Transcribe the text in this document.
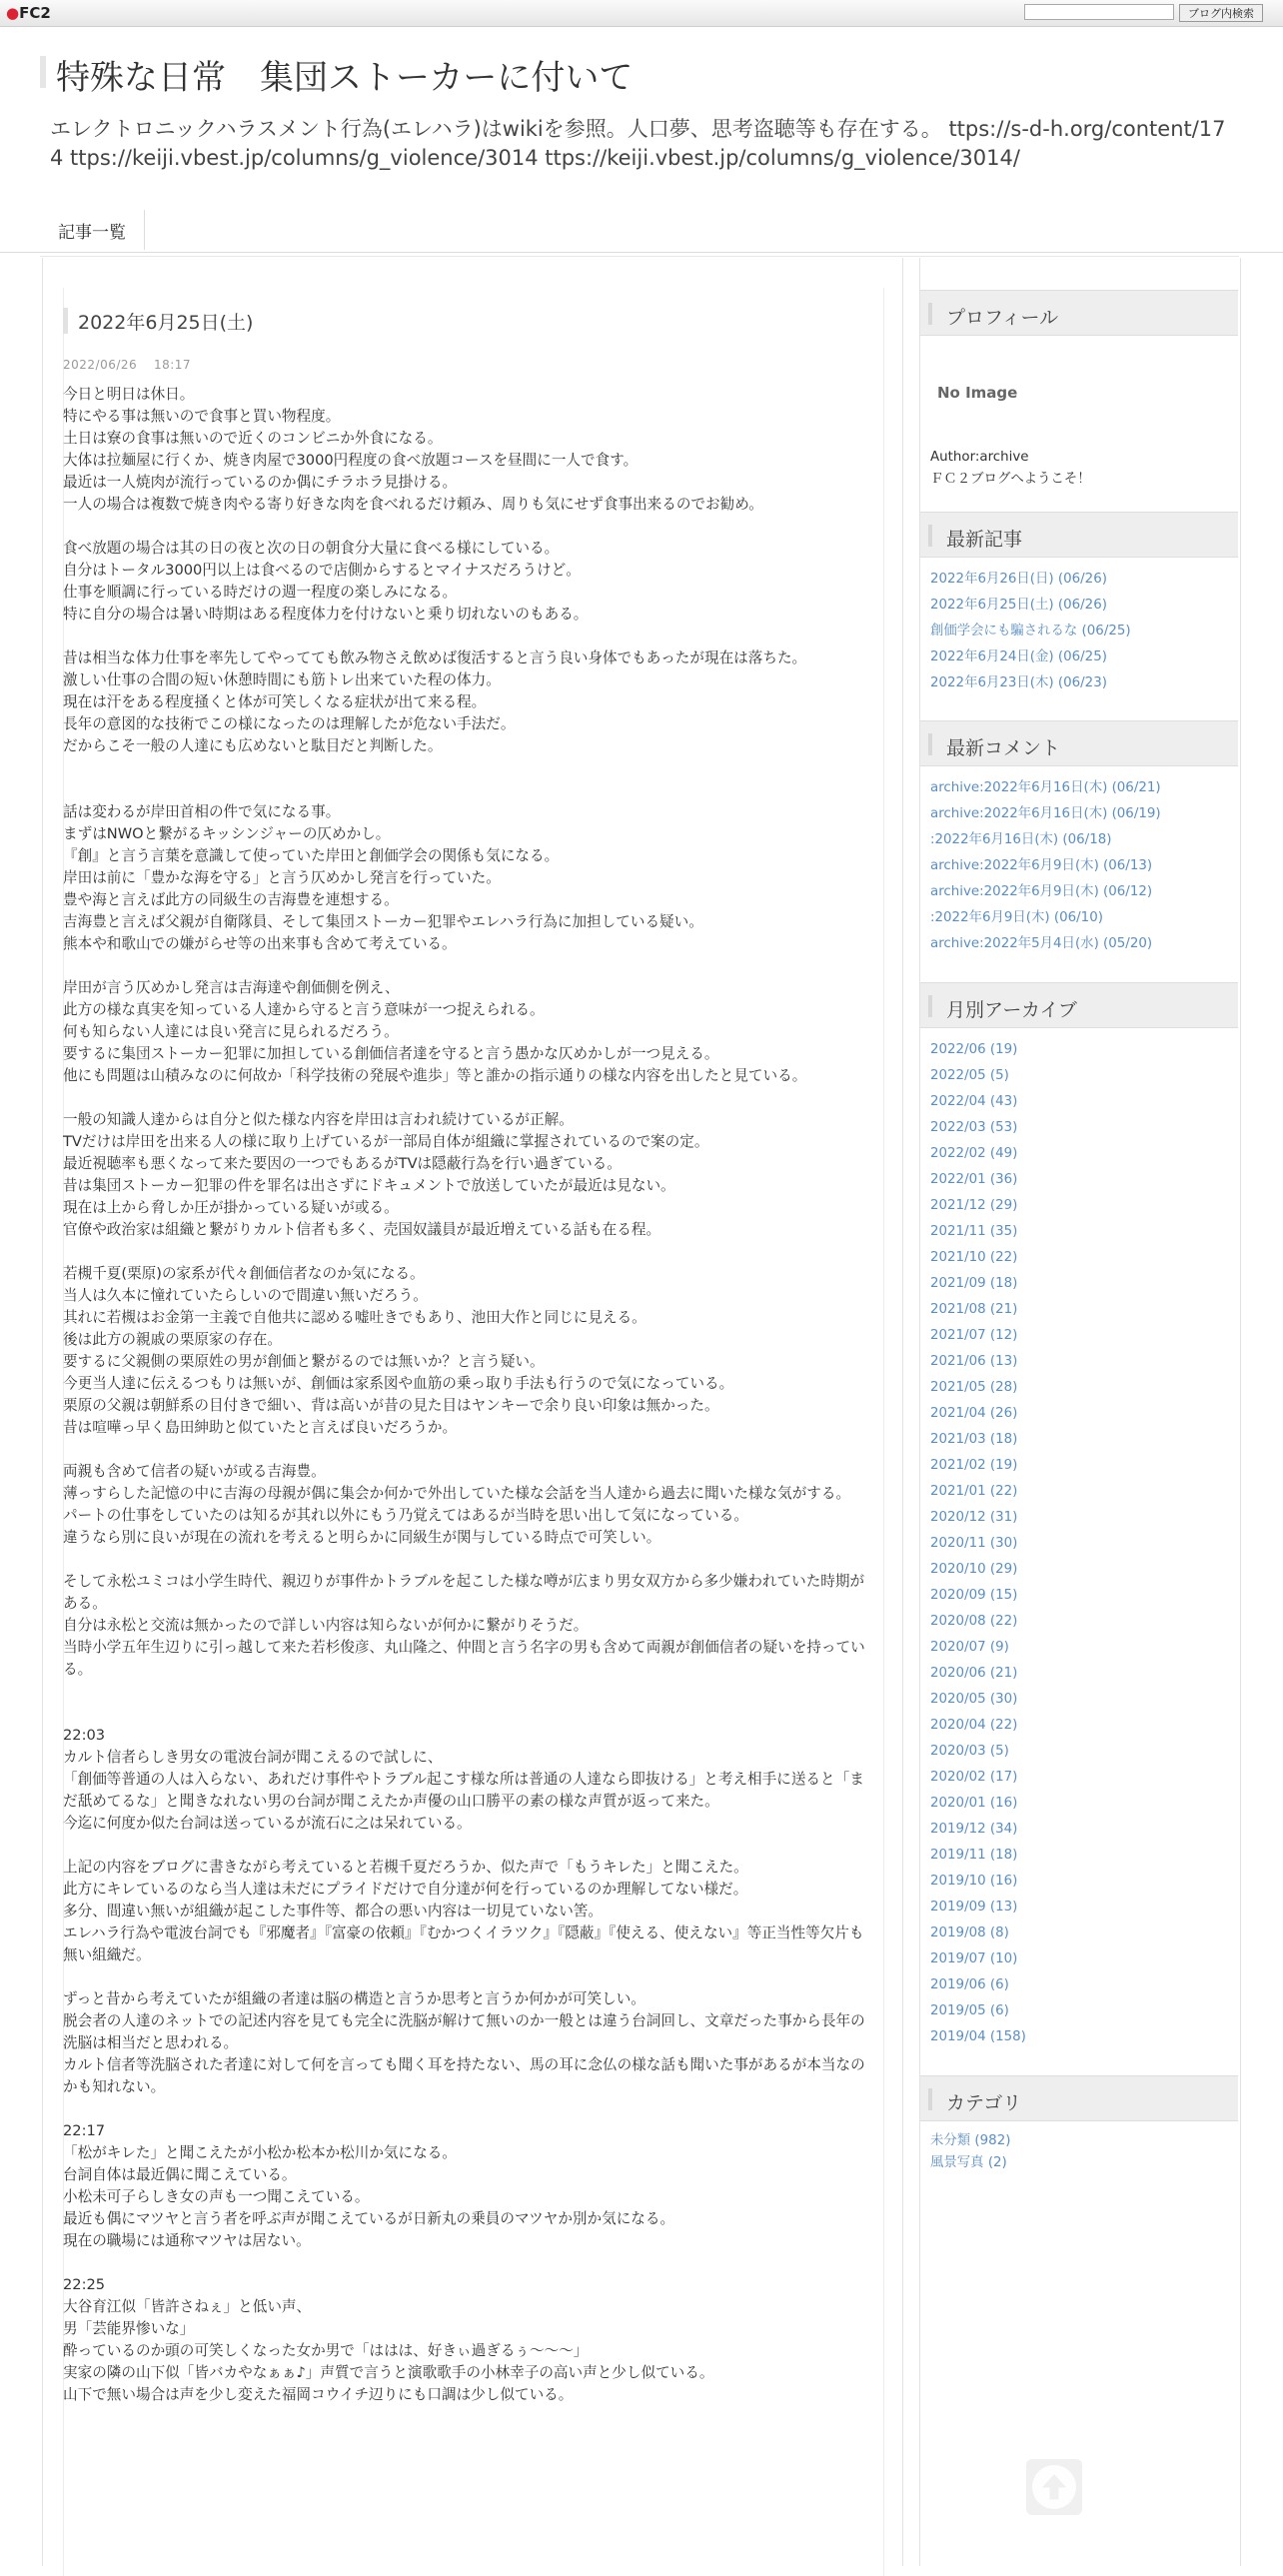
●FC2	ブログ内検索
特殊な日常　集団ストーカーに付いて
エレクトロニックハラスメント行為(エレハラ)はwikiを参照。人口夢、思考盗聴等も存在する。 ttps://s-d-h.org/content/174 ttps://keiji.vbest.jp/columns/g_violence/3014 ttps://keiji.vbest.jp/columns/g_violence/3014/
記事一覧
2022年6月25日(土)
2022/06/26　 18:17

今日と明日は休日。

特にやる事は無いので食事と買い物程度。

土日は寮の食事は無いので近くのコンビニか外食になる。

大体は拉麺屋に行くか、焼き肉屋で3000円程度の食べ放題コースを昼間に一人で食す。

最近は一人焼肉が流行っているのか偶にチラホラ見掛ける。

一人の場合は複数で焼き肉やる寄り好きな肉を食べれるだけ頼み、周りも気にせず食事出来るのでお勧め。

食べ放題の場合は其の日の夜と次の日の朝食分大量に食べる様にしている。

自分はトータル3000円以上は食べるので店側からするとマイナスだろうけど。

仕事を順調に行っている時だけの週一程度の楽しみになる。

特に自分の場合は暑い時期はある程度体力を付けないと乗り切れないのもある。

昔は相当な体力仕事を率先してやってても飲み物さえ飲めば復活すると言う良い身体でもあったが現在は落ちた。

激しい仕事の合間の短い休憩時間にも筋トレ出来ていた程の体力。

現在は汗をある程度掻くと体が可笑しくなる症状が出て来る程。

長年の意図的な技術でこの様になったのは理解したが危ない手法だ。

だからこそ一般の人達にも広めないと駄目だと判断した。

話は変わるが岸田首相の件で気になる事。

まずはNWOと繋がるキッシンジャーの仄めかし。

『創』と言う言葉を意識して使っていた岸田と創価学会の関係も気になる。

岸田は前に「豊かな海を守る」と言う仄めかし発言を行っていた。

豊や海と言えば此方の同級生の吉海豊を連想する。

吉海豊と言えば父親が自衛隊員、そして集団ストーカー犯罪やエレハラ行為に加担している疑い。

熊本や和歌山での嫌がらせ等の出来事も含めて考えている。

岸田が言う仄めかし発言は吉海達や創価側を例え、

此方の様な真実を知っている人達から守ると言う意味が一つ捉えられる。

何も知らない人達には良い発言に見られるだろう。

要するに集団ストーカー犯罪に加担している創価信者達を守ると言う愚かな仄めかしが一つ見える。

他にも問題は山積みなのに何故か「科学技術の発展や進歩」等と誰かの指示通りの様な内容を出したと見ている。

一般の知識人達からは自分と似た様な内容を岸田は言われ続けているが正解。

TVだけは岸田を出来る人の様に取り上げているが一部局自体が組織に掌握されているので案の定。

最近視聴率も悪くなって来た要因の一つでもあるがTVは隠蔽行為を行い過ぎている。

昔は集団ストーカー犯罪の件を罪名は出さずにドキュメントで放送していたが最近は見ない。

現在は上から脅しか圧が掛かっている疑いが或る。

官僚や政治家は組織と繋がりカルト信者も多く、売国奴議員が最近増えている話も在る程。

若槻千夏(栗原)の家系が代々創価信者なのか気になる。

当人は久本に憧れていたらしいので間違い無いだろう。

其れに若槻はお金第一主義で自他共に認める嘘吐きでもあり、池田大作と同じに見える。

後は此方の親戚の栗原家の存在。

要するに父親側の栗原姓の男が創価と繋がるのでは無いか？と言う疑い。

今更当人達に伝えるつもりは無いが、創価は家系図や血筋の乗っ取り手法も行うので気になっている。

栗原の父親は朝鮮系の目付きで細い、背は高いが昔の見た目はヤンキーで余り良い印象は無かった。

昔は喧嘩っ早く島田紳助と似ていたと言えば良いだろうか。

両親も含めて信者の疑いが或る吉海豊。

薄っすらした記憶の中に吉海の母親が偶に集会か何かで外出していた様な会話を当人達から過去に聞いた様な気がする。

パートの仕事をしていたのは知るが其れ以外にもう乃覚えてはあるが当時を思い出して気になっている。

違うなら別に良いが現在の流れを考えると明らかに同級生が関与している時点で可笑しい。

そして永松ユミコは小学生時代、親辺りが事件かトラブルを起こした様な噂が広まり男女双方から多少嫌われていた時期がある。

自分は永松と交流は無かったので詳しい内容は知らないが何かに繋がりそうだ。

当時小学五年生辺りに引っ越して来た若杉俊彦、丸山隆之、仲間と言う名字の男も含めて両親が創価信者の疑いを持っている。

22:03

カルト信者らしき男女の電波台詞が聞こえるので試しに、

「創価等普通の人は入らない、あれだけ事件やトラブル起こす様な所は普通の人達なら即抜ける」と考え相手に送ると「まだ舐めてるな」と聞きなれない男の台詞が聞こえたか声優の山口勝平の素の様な声質が返って来た。

今迄に何度か似た台詞は送っているが流石に之は呆れている。

上記の内容をブログに書きながら考えていると若槻千夏だろうか、似た声で「もうキレた」と聞こえた。

此方にキレているのなら当人達は未だにプライドだけで自分達が何を行っているのか理解してない様だ。

多分、間違い無いが組織が起こした事件等、都合の悪い内容は一切見ていない筈。

エレハラ行為や電波台詞でも『邪魔者』『富豪の依頼』『むかつくイラツク』『隠蔽』『使える、使えない』等正当性等欠片も無い組織だ。

ずっと昔から考えていたが組織の者達は脳の構造と言うか思考と言うか何かが可笑しい。

脱会者の人達のネットでの記述内容を見ても完全に洗脳が解けて無いのか一般とは違う台詞回し、文章だった事から長年の洗脳は相当だと思われる。

カルト信者等洗脳された者達に対して何を言っても聞く耳を持たない、馬の耳に念仏の様な話も聞いた事があるが本当なのかも知れない。

22:17

「松がキレた」と聞こえたが小松か松本か松川か気になる。

台詞自体は最近偶に聞こえている。

小松未可子らしき女の声も一つ聞こえている。

最近も偶にマツヤと言う者を呼ぶ声が聞こえているが日新丸の乗員のマツヤか別か気になる。

現在の職場には通称マツヤは居ない。

22:25

大谷育江似「皆許さねぇ」と低い声、

男「芸能界惨いな」

酔っているのか頭の可笑しくなった女か男で「ははは、好きぃ過ぎるぅ～～～」

実家の隣の山下似「皆バカやなぁぁ♪」声質で言うと演歌歌手の小林幸子の高い声と少し似ている。

山下で無い場合は声を少し変えた福岡コウイチ辺りにも口調は少し似ている。

プロフィール
No Image
Author:archive
ＦＣ２ブログへようこそ！
最新記事
2022年6月26日(日) (06/26)
2022年6月25日(土) (06/26)
創価学会にも騙されるな (06/25)
2022年6月24日(金) (06/25)
2022年6月23日(木) (06/23)
最新コメント
archive:2022年6月16日(木) (06/21)
archive:2022年6月16日(木) (06/19)
:2022年6月16日(木) (06/18)
archive:2022年6月9日(木) (06/13)
archive:2022年6月9日(木) (06/12)
:2022年6月9日(木) (06/10)
archive:2022年5月4日(水) (05/20)
月別アーカイブ
2022/06 (19)
2022/05 (5)
2022/04 (43)
2022/03 (53)
2022/02 (49)
2022/01 (36)
2021/12 (29)
2021/11 (35)
2021/10 (22)
2021/09 (18)
2021/08 (21)
2021/07 (12)
2021/06 (13)
2021/05 (28)
2021/04 (26)
2021/03 (18)
2021/02 (19)
2021/01 (22)
2020/12 (31)
2020/11 (30)
2020/10 (29)
2020/09 (15)
2020/08 (22)
2020/07 (9)
2020/06 (21)
2020/05 (30)
2020/04 (22)
2020/03 (5)
2020/02 (17)
2020/01 (16)
2019/12 (34)
2019/11 (18)
2019/10 (16)
2019/09 (13)
2019/08 (8)
2019/07 (10)
2019/06 (6)
2019/05 (6)
2019/04 (158)
カテゴリ
未分類 (982)
風景写真 (2)
